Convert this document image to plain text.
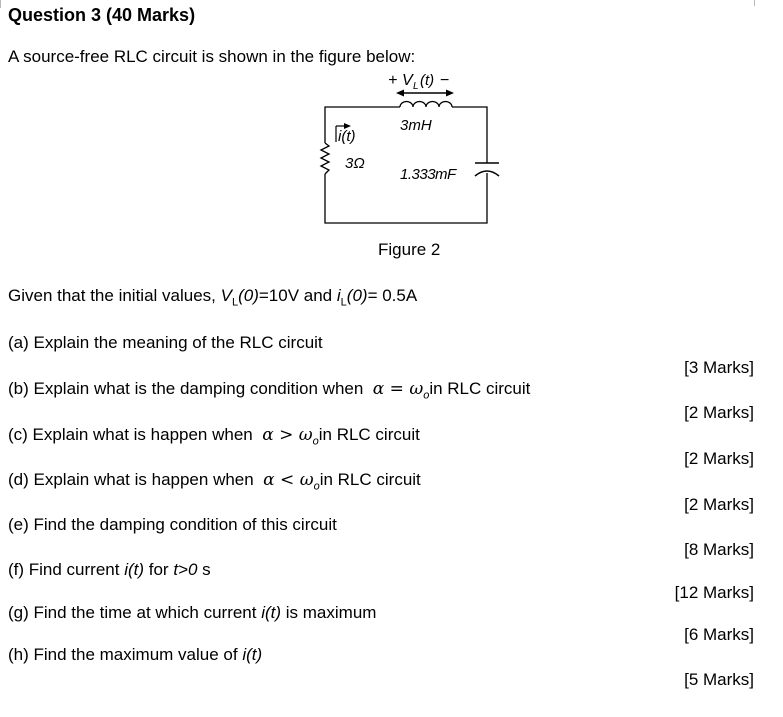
Question 3 (40 Marks)
A source-free RLC circuit is shown in the figure below:
+ V L (t) −
3mH
3Ω
i(t)
1.333mF
Figure 2
Given that the initial values, $V_L(0)=10V$ and $i_L(0)= 0.5A$
(a) Explain the meaning of the RLC circuit
[3 Marks]
(b) Explain what is the damping condition when  $\alpha = \omega_oin$ RLC circuit
[2 Marks]
(c) Explain what is happen when  $\alpha > \omega_oin$ RLC circuit
[2 Marks]
(d) Explain what is happen when  $\alpha < \omega_oin$ RLC circuit
[2 Marks]
(e) Find the damping condition of this circuit
[8 Marks]
(f) Find current i(t) for t>0 s
[12 Marks]
(g) Find the time at which current i(t) is maximum
[6 Marks]
(h) Find the maximum value of i(t)
[5 Marks]
